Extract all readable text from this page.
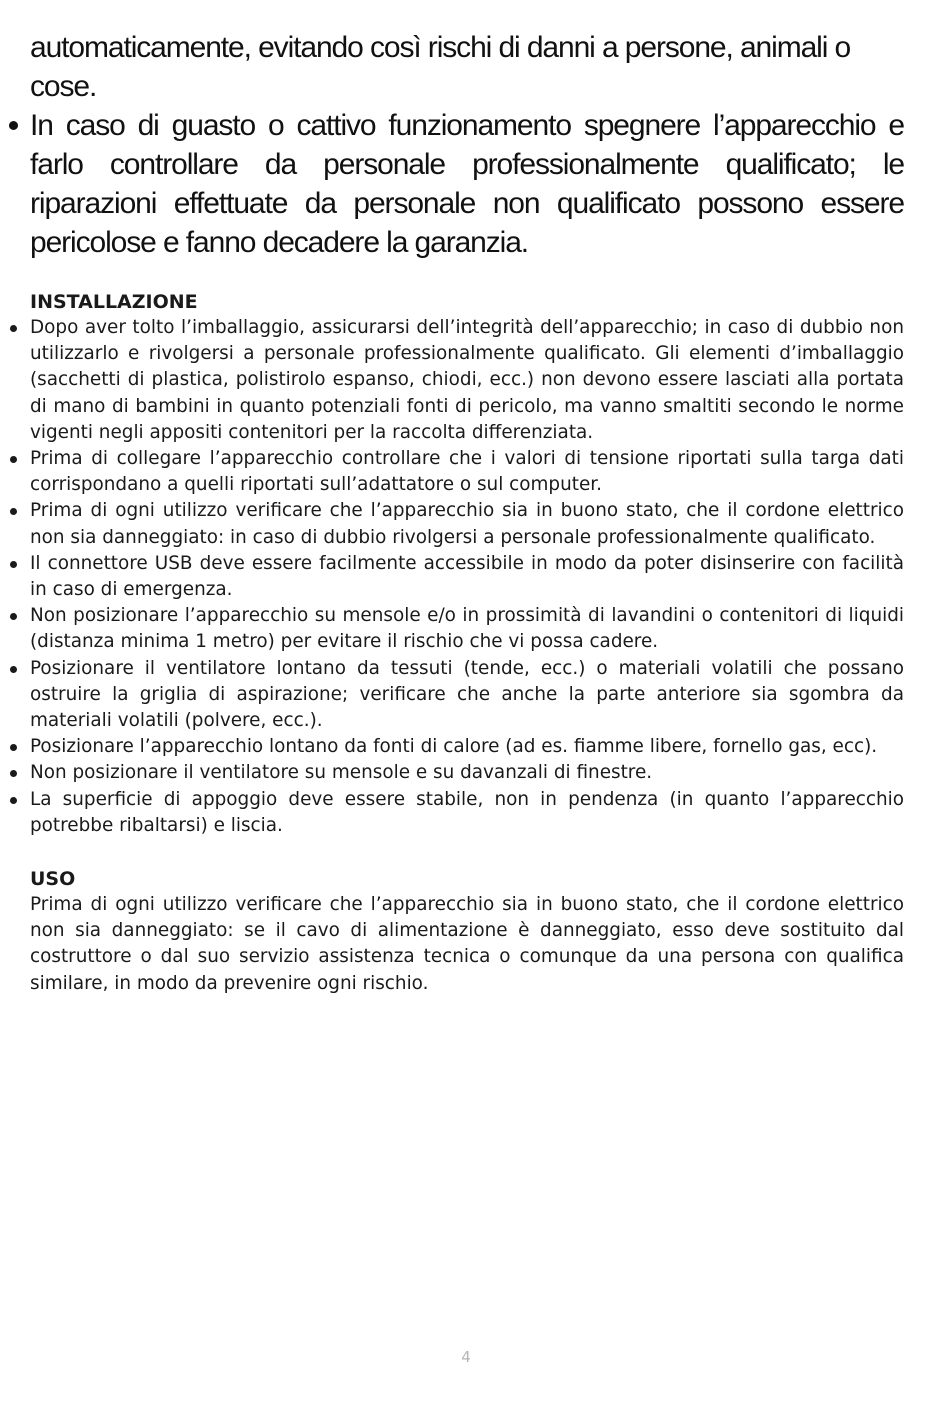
automaticamente, evitando così rischi di danni a persone, animali o cose.

In caso di guasto o cattivo funzionamento spegnere l’apparecchio e farlo controllare da personale professionalmente qualificato; le riparazioni effettuate da personale non qualificato possono essere pericolose e fanno decadere la garanzia.
INSTALLAZIONE
Dopo aver tolto l’imballaggio, assicurarsi dell’integrità dell’apparecchio; in caso di dubbio non utilizzarlo e rivolgersi a personale professionalmente qualificato. Gli elementi d’imballaggio (sacchetti di plastica, polistirolo espanso, chiodi, ecc.) non devono essere lasciati alla portata di mano di bambini in quanto potenziali fonti di pericolo, ma vanno smaltiti secondo le norme vigenti negli appositi contenitori per la raccolta differenziata.
Prima di collegare l’apparecchio controllare che i valori di tensione riportati sulla targa dati corrispondano a quelli riportati sull’adattatore o sul computer.
Prima di ogni utilizzo verificare che l’apparecchio sia in buono stato, che il cordone elettrico non sia danneggiato: in caso di dubbio rivolgersi a personale professionalmente qualificato.
Il connettore USB deve essere facilmente accessibile in modo da poter disinserire con facilità in caso di emergenza.
Non posizionare l’apparecchio su mensole e/o in prossimità di lavandini o contenitori di liquidi (distanza minima 1 metro) per evitare il rischio che vi possa cadere.
Posizionare il ventilatore lontano da tessuti (tende, ecc.) o materiali volatili che possano ostruire la griglia di aspirazione; verificare che anche la parte anteriore sia sgombra da materiali volatili (polvere, ecc.).
Posizionare l’apparecchio lontano da fonti di calore (ad es. fiamme libere, fornello gas, ecc).
Non posizionare il ventilatore su mensole e su davanzali di finestre.
La superficie di appoggio deve essere stabile, non in pendenza (in quanto l’apparecchio potrebbe ribaltarsi) e liscia.
USO

Prima di ogni utilizzo verificare che l’apparecchio sia in buono stato, che il cordone elettrico non sia danneggiato: se il cavo di alimentazione è danneggiato, esso deve sostituito dal costruttore o dal suo servizio assistenza tecnica o comunque da una persona con qualifica similare, in modo da prevenire ogni rischio.

4
